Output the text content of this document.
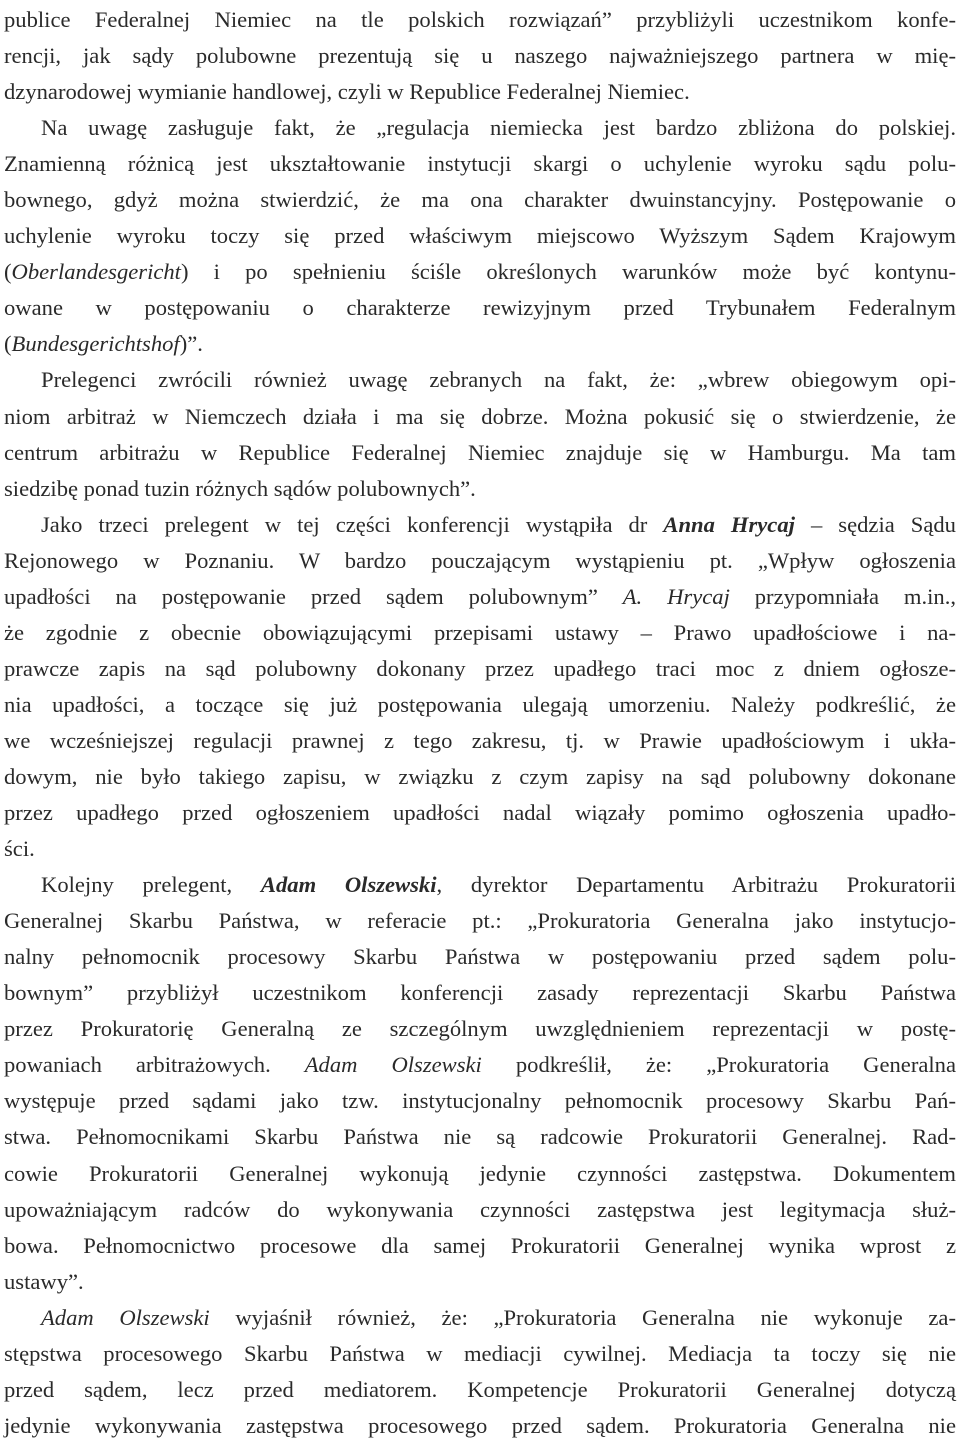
publice Federalnej Niemiec na tle polskich rozwiązań” przybliżyli uczestnikom konfe-
rencji, jak sądy polubowne prezentują się u naszego najważniejszego partnera w mię-
dzynarodowej wymianie handlowej, czyli w Republice Federalnej Niemiec.
Na uwagę zasługuje fakt, że „regulacja niemiecka jest bardzo zbliżona do polskiej.
Znamienną różnicą jest ukształtowanie instytucji skargi o uchylenie wyroku sądu polu-
bownego, gdyż można stwierdzić, że ma ona charakter dwuinstancyjny. Postępowanie o
uchylenie wyroku toczy się przed właściwym miejscowo Wyższym Sądem Krajowym
(Oberlandesgericht) i po spełnieniu ściśle określonych warunków może być kontynu-
owane w postępowaniu o charakterze rewizyjnym przed Trybunałem Federalnym
(Bundesgerichtshof)”.
Prelegenci zwrócili również uwagę zebranych na fakt, że: „wbrew obiegowym opi-
niom arbitraż w Niemczech działa i ma się dobrze. Można pokusić się o stwierdzenie, że
centrum arbitrażu w Republice Federalnej Niemiec znajduje się w Hamburgu. Ma tam
siedzibę ponad tuzin różnych sądów polubownych”.
Jako trzeci prelegent w tej części konferencji wystąpiła dr Anna Hrycaj – sędzia Sądu
Rejonowego w Poznaniu. W bardzo pouczającym wystąpieniu pt. „Wpływ ogłoszenia
upadłości na postępowanie przed sądem polubownym” A. Hrycaj przypomniała m.in.,
że zgodnie z obecnie obowiązującymi przepisami ustawy – Prawo upadłościowe i na-
prawcze zapis na sąd polubowny dokonany przez upadłego traci moc z dniem ogłosze-
nia upadłości, a toczące się już postępowania ulegają umorzeniu. Należy podkreślić, że
we wcześniejszej regulacji prawnej z tego zakresu, tj. w Prawie upadłościowym i ukła-
dowym, nie było takiego zapisu, w związku z czym zapisy na sąd polubowny dokonane
przez upadłego przed ogłoszeniem upadłości nadal wiązały pomimo ogłoszenia upadło-
ści.
Kolejny prelegent, Adam Olszewski, dyrektor Departamentu Arbitrażu Prokuratorii
Generalnej Skarbu Państwa, w referacie pt.: „Prokuratoria Generalna jako instytucjo-
nalny pełnomocnik procesowy Skarbu Państwa w postępowaniu przed sądem polu-
bownym” przybliżył uczestnikom konferencji zasady reprezentacji Skarbu Państwa
przez Prokuratorię Generalną ze szczególnym uwzględnieniem reprezentacji w postę-
powaniach arbitrażowych. Adam Olszewski podkreślił, że: „Prokuratoria Generalna
występuje przed sądami jako tzw. instytucjonalny pełnomocnik procesowy Skarbu Pań-
stwa. Pełnomocnikami Skarbu Państwa nie są radcowie Prokuratorii Generalnej. Rad-
cowie Prokuratorii Generalnej wykonują jedynie czynności zastępstwa. Dokumentem
upoważniającym radców do wykonywania czynności zastępstwa jest legitymacja służ-
bowa. Pełnomocnictwo procesowe dla samej Prokuratorii Generalnej wynika wprost z
ustawy”.
Adam Olszewski wyjaśnił również, że: „Prokuratoria Generalna nie wykonuje za-
stępstwa procesowego Skarbu Państwa w mediacji cywilnej. Mediacja ta toczy się nie
przed sądem, lecz przed mediatorem. Kompetencje Prokuratorii Generalnej dotyczą
jedynie wykonywania zastępstwa procesowego przed sądem. Prokuratoria Generalna nie
